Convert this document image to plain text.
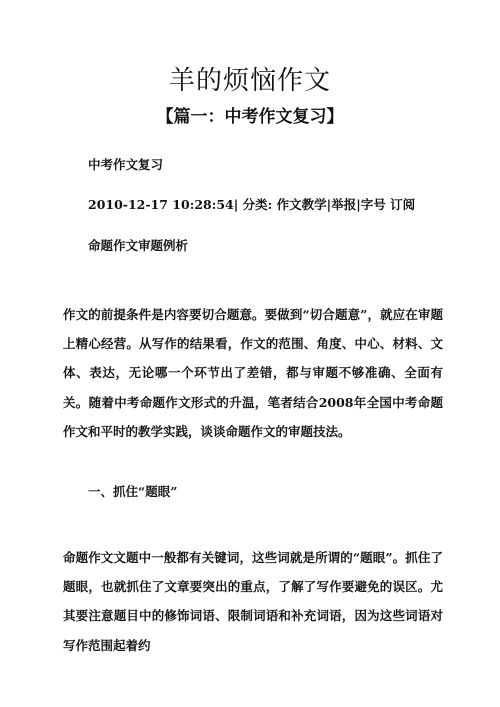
羊的烦恼作文
【篇一：中考作文复习】

中考作文复习

2010-12-17 10:28:54| 分类: 作文教学|举报|字号 订阅

命题作文审题例析

作文的前提条件是内容要切合题意。要做到“切合题意”，就应在审题上精心经营。从写作的结果看，作文的范围、角度、中心、材料、文体、表达，无论哪一个环节出了差错，都与审题不够准确、全面有关。随着中考命题作文形式的升温，笔者结合2008年全国中考命题作文和平时的教学实践，谈谈命题作文的审题技法。

一、抓住“题眼”

命题作文文题中一般都有关键词，这些词就是所谓的“题眼”。抓住了题眼，也就抓住了文章要突出的重点，了解了写作要避免的误区。尤其要注意题目中的修饰词语、限制词语和补充词语，因为这些词语对写作范围起着约
